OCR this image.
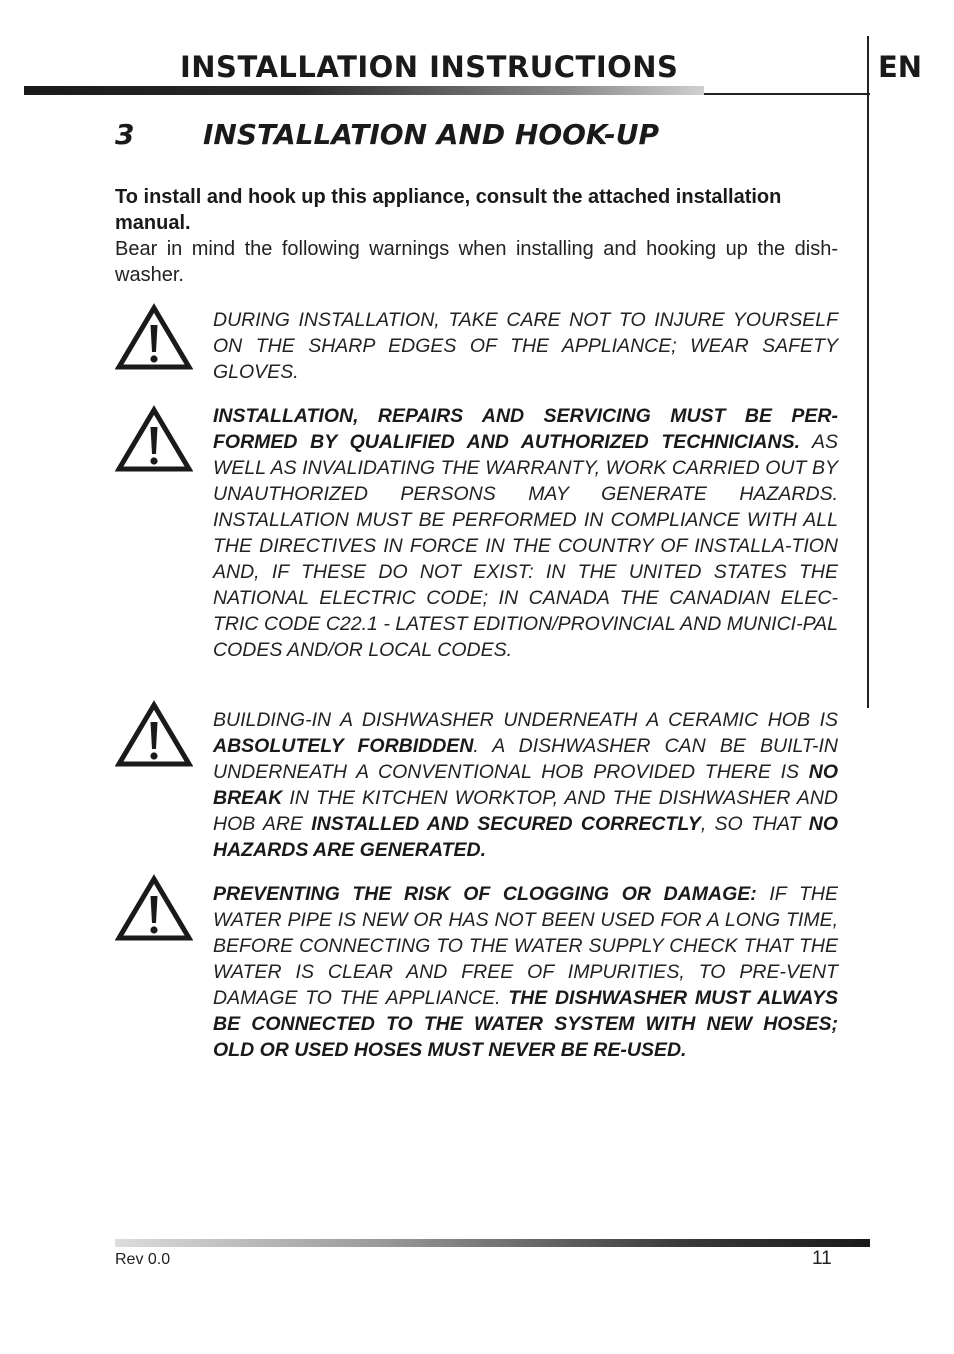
INSTALLATION INSTRUCTIONS	EN
3 INSTALLATION AND HOOK-UP
To install and hook up this appliance, consult the attached installation manual.
Bear in mind the following warnings when installing and hooking up the dish-washer.
DURING INSTALLATION, TAKE CARE NOT TO INJURE YOURSELF ON THE SHARP EDGES OF THE APPLIANCE; WEAR SAFETY GLOVES.
INSTALLATION, REPAIRS AND SERVICING MUST BE PER-FORMED BY QUALIFIED AND AUTHORIZED TECHNICIANS. AS WELL AS INVALIDATING THE WARRANTY, WORK CARRIED OUT BY UNAUTHORIZED PERSONS MAY GENERATE HAZARDS. INSTALLATION MUST BE PERFORMED IN COMPLIANCE WITH ALL THE DIRECTIVES IN FORCE IN THE COUNTRY OF INSTALLA-TION AND, IF THESE DO NOT EXIST: IN THE UNITED STATES THE NATIONAL ELECTRIC CODE; IN CANADA THE CANADIAN ELEC-TRIC CODE C22.1 - LATEST EDITION/PROVINCIAL AND MUNICI-PAL CODES AND/OR LOCAL CODES.
BUILDING-IN A DISHWASHER UNDERNEATH A CERAMIC HOB IS ABSOLUTELY FORBIDDEN. A DISHWASHER CAN BE BUILT-IN UNDERNEATH A CONVENTIONAL HOB PROVIDED THERE IS NO BREAK IN THE KITCHEN WORKTOP, AND THE DISHWASHER AND HOB ARE INSTALLED AND SECURED CORRECTLY, SO THAT NO HAZARDS ARE GENERATED.
PREVENTING THE RISK OF CLOGGING OR DAMAGE: IF THE WATER PIPE IS NEW OR HAS NOT BEEN USED FOR A LONG TIME, BEFORE CONNECTING TO THE WATER SUPPLY CHECK THAT THE WATER IS CLEAR AND FREE OF IMPURITIES, TO PRE-VENT DAMAGE TO THE APPLIANCE. THE DISHWASHER MUST ALWAYS BE CONNECTED TO THE WATER SYSTEM WITH NEW HOSES; OLD OR USED HOSES MUST NEVER BE RE-USED.
Rev 0.0	11
